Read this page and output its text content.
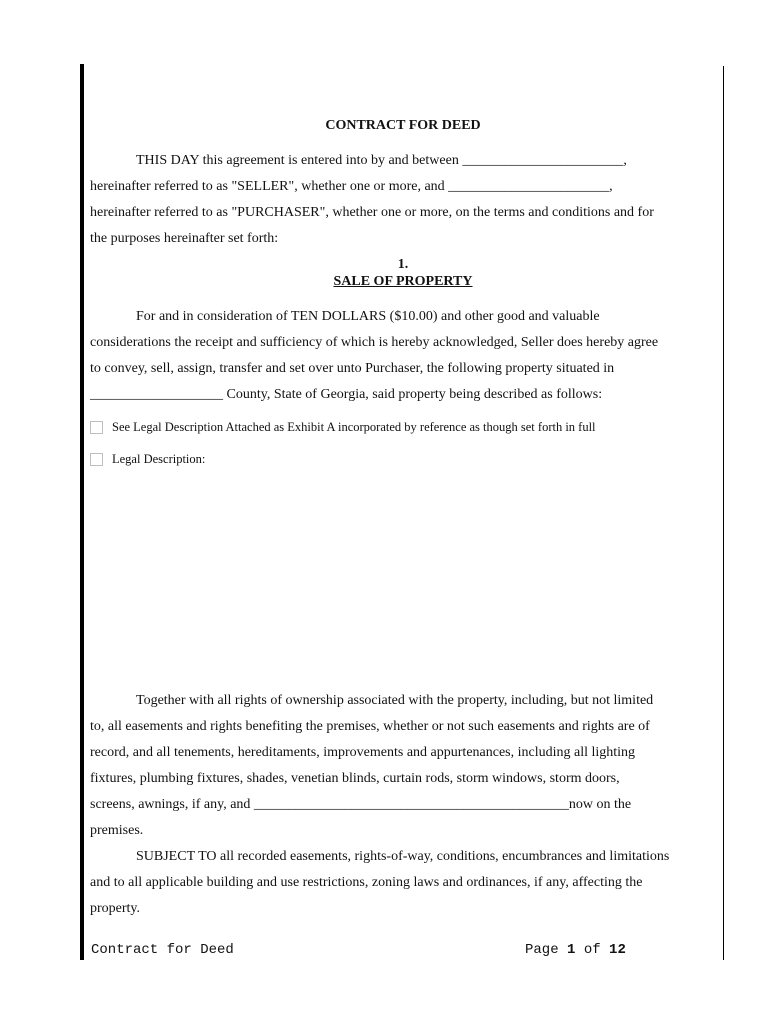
CONTRACT FOR DEED
THIS DAY this agreement is entered into by and between _______________________,
hereinafter referred to as "SELLER", whether one or more, and _______________________,
hereinafter referred to as "PURCHASER", whether one or more, on the terms and conditions and for
the purposes hereinafter set forth:
1.
SALE OF PROPERTY
For and in consideration of TEN DOLLARS ($10.00) and other good and valuable
considerations the receipt and sufficiency of which is hereby acknowledged, Seller does hereby agree
to convey, sell, assign, transfer and set over unto Purchaser, the following property situated in
___________________ County, State of Georgia, said property being described as follows:
See Legal Description Attached as Exhibit A incorporated by reference as though set forth in full
Legal Description:
Together with all rights of ownership associated with the property, including, but not limited
to, all easements and rights benefiting the premises, whether or not such easements and rights are of
record, and all tenements, hereditaments, improvements and appurtenances, including all lighting
fixtures, plumbing fixtures, shades, venetian blinds, curtain rods, storm windows, storm doors,
screens, awnings, if any, and _____________________________________________now on the
premises.
SUBJECT TO all recorded easements, rights-of-way, conditions, encumbrances and limitations
and to all applicable building and use restrictions, zoning laws and ordinances, if any, affecting the
property.
Contract for Deed	Page 1 of 12
